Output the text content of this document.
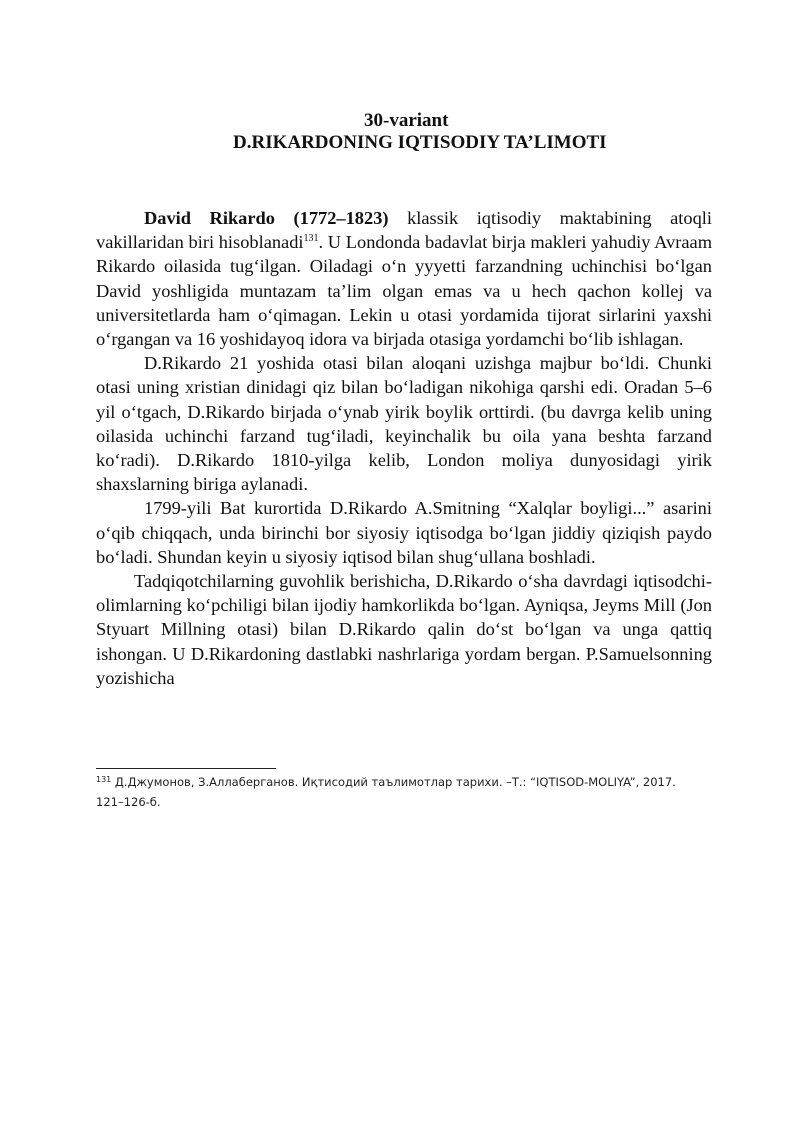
30-variant
D.RIKARDONING IQTISODIY TA’LIMOTI

David Rikardo (1772–1823) klassik iqtisodiy maktabining atoqli vakillaridan biri hisoblanadi$^{131}$. U Londonda badavlat birja makleri yahudiy Avraam Rikardo oilasida tug‘ilgan. Oiladagi o‘n yyyetti farzandning uchinchisi bo‘lgan David yoshligida muntazam ta’lim olgan emas va u hech qachon kollej va universitetlarda ham o‘qimagan. Lekin u otasi yordamida tijorat sirlarini yaxshi o‘rgangan va 16 yoshidayoq idora va birjada otasiga yordamchi bo‘lib ishlagan.

D.Rikardo 21 yoshida otasi bilan aloqani uzishga majbur bo‘ldi. Chunki otasi uning xristian dinidagi qiz bilan bo‘ladigan nikohiga qarshi edi. Oradan 5–6 yil o‘tgach, D.Rikardo birjada o‘ynab yirik boylik orttirdi. (bu davrga kelib uning oilasida uchinchi farzand tug‘iladi, keyinchalik bu oila yana beshta farzand ko‘radi). D.Rikardo 1810-yilga kelib, London moliya dunyosidagi yirik shaxslarning biriga aylanadi.

1799-yili Bat kurortida D.Rikardo A.Smitning “Xalqlar boyligi...” asarini o‘qib chiqqach, unda birinchi bor siyosiy iqtisodga bo‘lgan jiddiy qiziqish paydo bo‘ladi. Shundan keyin u siyosiy iqtisod bilan shug‘ullana boshladi.

Tadqiqotchilarning guvohlik berishicha, D.Rikardo o‘sha davrdagi iqtisodchi-olimlarning ko‘pchiligi bilan ijodiy hamkorlikda bo‘lgan. Ayniqsa, Jeyms Mill (Jon Styuart Millning otasi) bilan D.Rikardo qalin do‘st bo‘lgan va unga qattiq ishongan. U D.Rikardoning dastlabki nashrlariga yordam bergan. P.Samuelsonning yozishicha

$^{131}$ Д.Джумонов, З.Аллаберганов. Иқтисодий таълимотлар тарихи. –Т.: “IQTISOD-MOLIYA”, 2017. 121–126-б.
